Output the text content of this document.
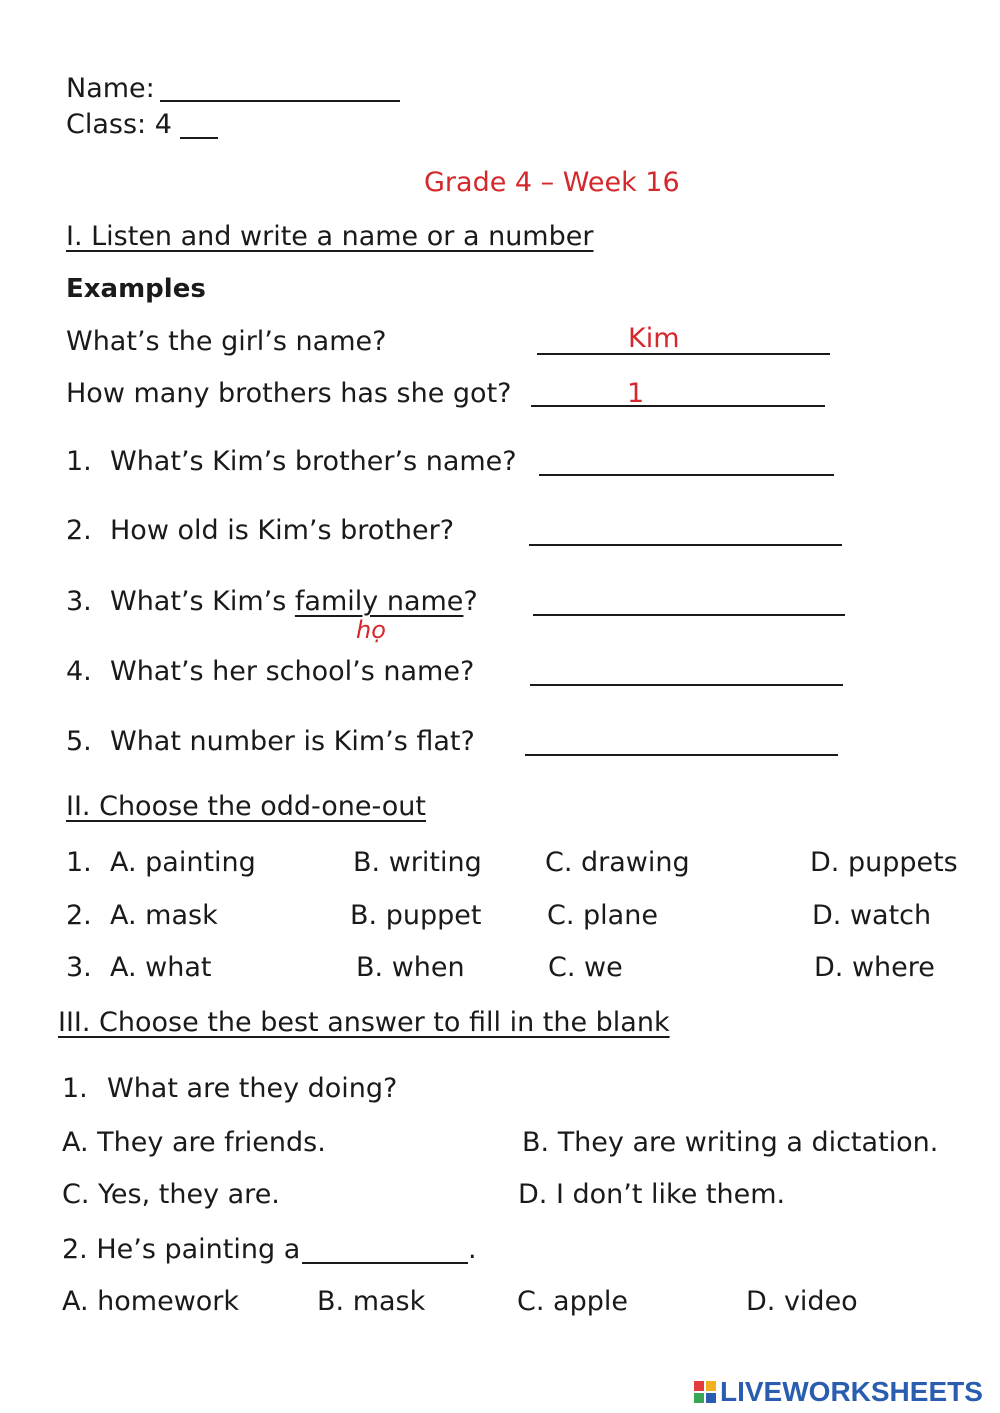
Name:
Class: 4
Grade 4 – Week 16
I. Listen and write a name or a number
Examples
What’s the girl’s name?	Kim
How many brothers has she got?	1
1. What’s Kim’s brother’s name?
2. How old is Kim’s brother?
3. What’s Kim’s family name?
họ
4. What’s her school’s name?
5. What number is Kim’s flat?
II. Choose the odd-one-out
1. A. painting	B. writing C. drawing	D. puppets
2. A. mask	B. puppet C. plane	D. watch
3. A. what	B. when	C. we	D. where
III. Choose the best answer to fill in the blank
1. What are they doing?
A. They are friends.	B. They are writing a dictation.
C. Yes, they are.	D. I don’t like them.
2. He’s painting a	.
A. homework	B. mask	C. apple	D. video
LIVEWORKSHEETS
